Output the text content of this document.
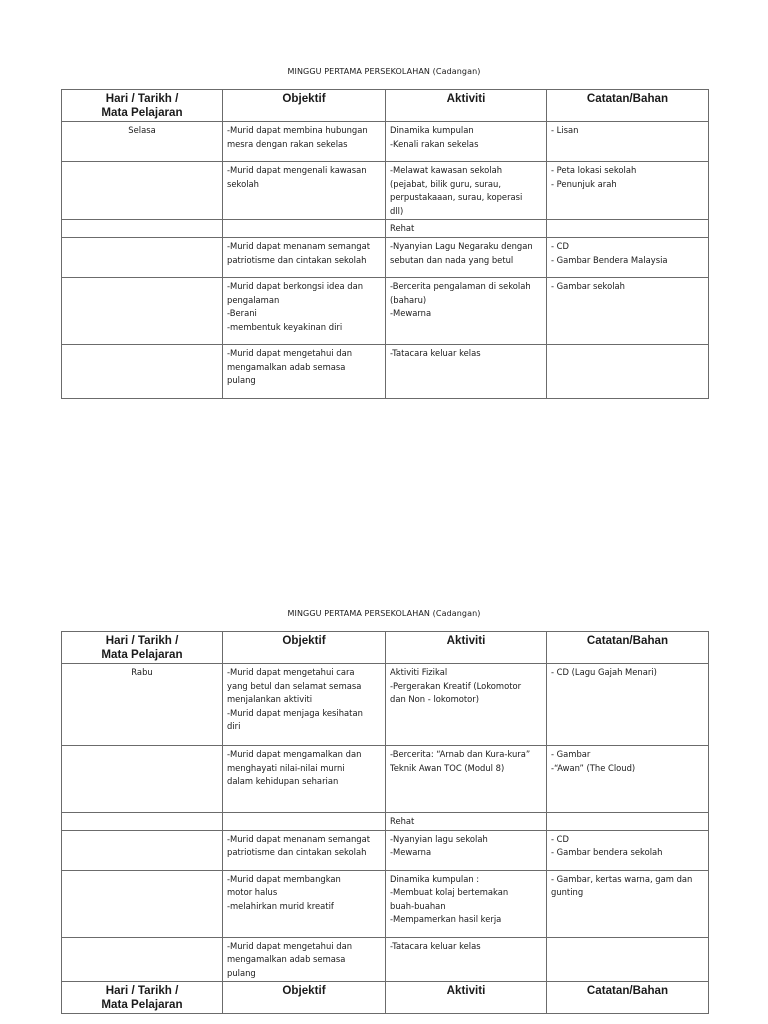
MINGGU PERTAMA PERSEKOLAHAN (Cadangan)
Hari / Tarikh /
Mata Pelajaran	Objektif	Aktiviti	Catatan/Bahan

Selasa	-Murid dapat membina hubungan
mesra dengan rakan sekelas	Dinamika kumpulan
-Kenali rakan sekelas	- Lisan

	-Murid dapat mengenali kawasan
sekolah	-Melawat kawasan sekolah
(pejabat, bilik guru, surau,
perpustakaaan, surau, koperasi
dll)	- Peta lokasi sekolah
- Penunjuk arah

		Rehat	

	-Murid dapat menanam semangat
patriotisme dan cintakan sekolah	-Nyanyian Lagu Negaraku dengan
sebutan dan nada yang betul	- CD
- Gambar Bendera Malaysia

	-Murid dapat berkongsi idea dan
pengalaman
-Berani
-membentuk keyakinan diri	-Bercerita pengalaman di sekolah
(baharu)
-Mewarna	- Gambar sekolah

	-Murid dapat mengetahui dan
mengamalkan adab semasa
pulang	-Tatacara keluar kelas	

MINGGU PERTAMA PERSEKOLAHAN (Cadangan)
Hari / Tarikh /
Mata Pelajaran	Objektif	Aktiviti	Catatan/Bahan

Rabu	-Murid dapat mengetahui cara
yang betul dan selamat semasa
menjalankan aktiviti
-Murid dapat menjaga kesihatan
diri	Aktiviti Fizikal
-Pergerakan Kreatif (Lokomotor
dan Non - lokomotor)	- CD (Lagu Gajah Menari)

	-Murid dapat mengamalkan dan
menghayati nilai-nilai murni
dalam kehidupan seharian	-Bercerita: “Arnab dan Kura-kura”
Teknik Awan TOC (Modul 8)	- Gambar
-“Awan” (The Cloud)

		Rehat	

	-Murid dapat menanam semangat
patriotisme dan cintakan sekolah	-Nyanyian lagu sekolah
-Mewarna	- CD
- Gambar bendera sekolah

	-Murid dapat membangkan
motor halus
-melahirkan murid kreatif	Dinamika kumpulan :
-Membuat kolaj bertemakan
buah-buahan
-Mempamerkan hasil kerja	- Gambar, kertas warna, gam dan
gunting

	-Murid dapat mengetahui dan
mengamalkan adab semasa
pulang	-Tatacara keluar kelas	

Hari / Tarikh /
Mata Pelajaran	Objektif	Aktiviti	Catatan/Bahan
